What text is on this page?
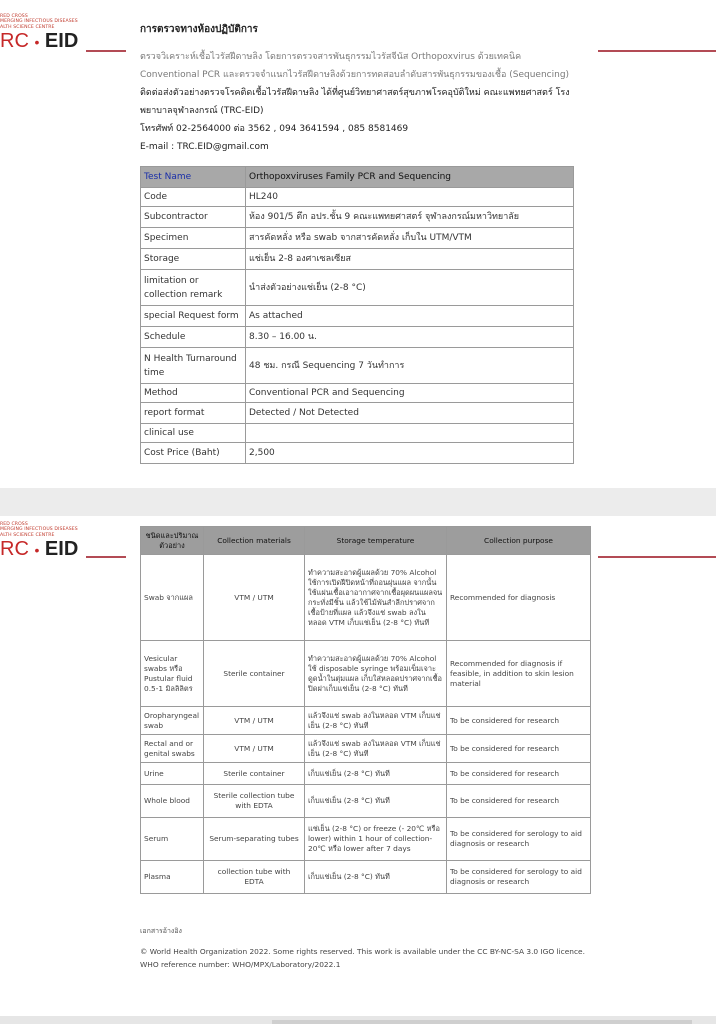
RED CROSS
MERGING INFECTIOUS DISEASES
ALTH SCIENCE CENTRE
RC • EID
การตรวจทางห้องปฏิบัติการ
ตรวจวิเคราะห์เชื้อไวรัสฝีดาษลิง โดยการตรวจสารพันธุกรรมไวรัสจีนัส Orthopoxvirus ด้วยเทคนิค Conventional PCR และตรวจจำแนกไวรัสฝีดาษลิงด้วยการทดสอบลำดับสารพันธุกรรมของเชื้อ (Sequencing) ติดต่อส่งตัวอย่างตรวจโรคติดเชื้อไวรัสฝีดาษลิง ได้ที่ศูนย์วิทยาศาสตร์สุขภาพโรคอุบัติใหม่ คณะแพทยศาสตร์ โรงพยาบาลจุฬาลงกรณ์ (TRC-EID)
โทรศัพท์ 02-2564000 ต่อ 3562 , 094 3641594 , 085 8581469
E-mail : TRC.EID@gmail.com
Test Name	Orthopoxviruses Family PCR and Sequencing
Code	HL240
Subcontractor	ห้อง 901/5 ตึก อปร.ชั้น 9 คณะแพทยศาสตร์ จุฬาลงกรณ์มหาวิทยาลัย
Specimen	สารคัดหลั่ง หรือ swab จากสารคัดหลั่ง เก็บใน UTM/VTM
Storage	แช่เย็น 2-8 องศาเซลเซียส
limitation or collection remark	นำส่งตัวอย่างแช่เย็น (2-8 °C)
special Request form	As attached
Schedule	8.30 – 16.00 น.
N Health Turnaround time	48 ชม. กรณี Sequencing 7 วันทำการ
Method	Conventional PCR and Sequencing
report format	Detected / Not Detected
clinical use	
Cost Price (Baht)	2,500
RED CROSS
MERGING INFECTIOUS DISEASES
ALTH SCIENCE CENTRE
RC • EID
ชนิดและปริมาณตัวอย่าง	Collection materials	Storage temperature	Collection purpose
Swab จากแผล	VTM / UTM	ทำความสะอาดผู้แผลด้วย 70% Alcohol ใช้การเปิดฝีปิดหน้าที่ถอนผุ่นแผล จากนั้นใช้แผ่นเชื้อเอาอากาศจากเชื้อผุดผนแผลจนกระทั่งมีชิ้น แล้วใช้ไม้พันสำลีกปราศจากเชื้อป้ายที่แผล แล้วจึงแช่ swab ลงในหลอด VTM เก็บแช่เย็น (2-8 °C) ทันที	Recommended for diagnosis
Vesicular swabs หรือ Pustular fluid 0.5-1 มิลลิลิตร	Sterile container	ทำความสะอาดผู้แผลด้วย 70% Alcohol ใช้ disposable syringe พร้อมเข็มเจาะ ดูดน้ำในตุ่มแผล เก็บใส่หลอดปราศจากเชื้อ ปิดฝาเก็บแช่เย็น (2-8 °C) ทันที	Recommended for diagnosis if feasible, in addition to skin lesion material
Oropharyngeal swab	VTM / UTM	แล้วจึงแช่ swab ลงในหลอด VTM เก็บแช่เย็น (2-8 °C) ทันที	To be considered for research
Rectal and or genital swabs	VTM / UTM	แล้วจึงแช่ swab ลงในหลอด VTM เก็บแช่เย็น (2-8 °C) ทันที	To be considered for research
Urine	Sterile container	เก็บแช่เย็น (2-8 °C) ทันที	To be considered for research
Whole blood	Sterile collection tube with EDTA	เก็บแช่เย็น (2-8 °C) ทันที	To be considered for research
Serum	Serum-separating tubes	แช่เย็น (2-8 °C) or freeze (- 20℃ หรือ lower) within 1 hour of collection-20℃ หรือ lower after 7 days	To be considered for serology to aid diagnosis or research
Plasma	collection tube with EDTA	เก็บแช่เย็น (2-8 °C) ทันที	To be considered for serology to aid diagnosis or research
เอกสารอ้างอิง
© World Health Organization 2022. Some rights reserved. This work is available under the CC BY-NC-SA 3.0 IGO licence. WHO reference number: WHO/MPX/Laboratory/2022.1
